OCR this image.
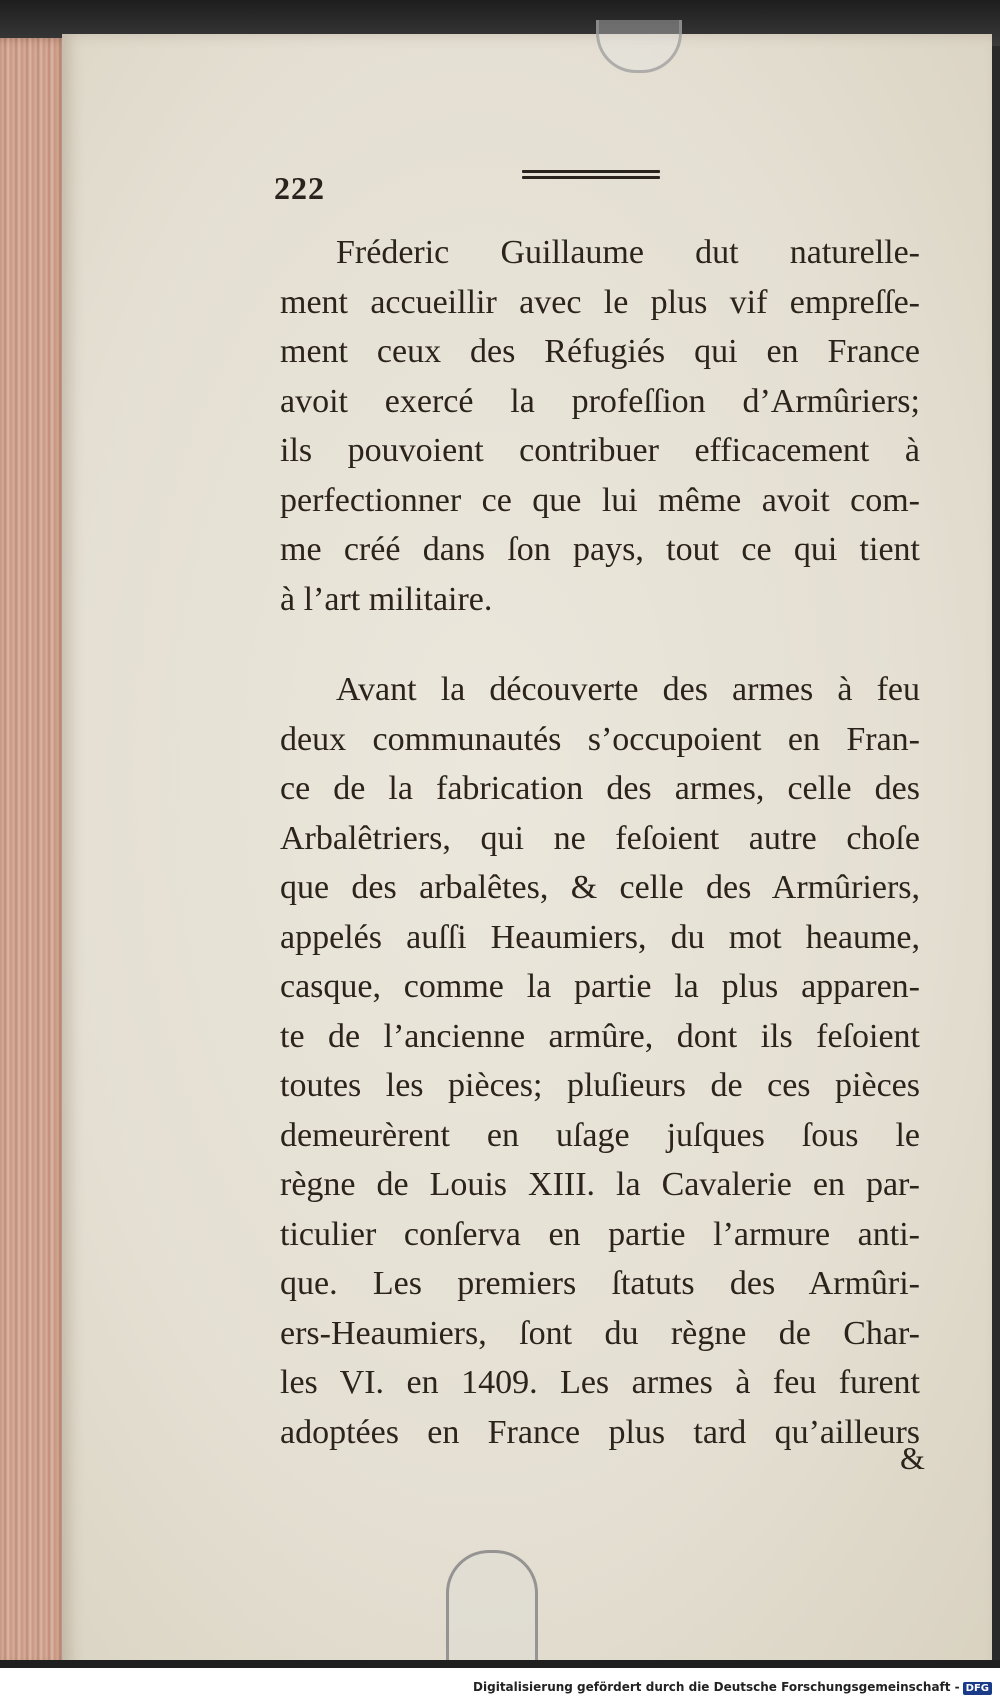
222
Fréderic Guillaume dut naturelle-
ment accueillir avec le plus vif empreſſe-
ment ceux des Réfugiés qui en France
avoit exercé la profeſſion d’Armûriers;
ils pouvoient contribuer efficacement à
perfectionner ce que lui même avoit com-
me créé dans ſon pays, tout ce qui tient
à l’art militaire.
Avant la découverte des armes à feu
deux communautés s’occupoient en Fran-
ce de la fabrication des armes, celle des
Arbalêtriers, qui ne feſoient autre choſe
que des arbalêtes, & celle des Armûriers,
appelés auſſi Heaumiers, du mot heaume,
casque, comme la partie la plus apparen-
te de l’ancienne armûre, dont ils feſoient
toutes les pièces; pluſieurs de ces pièces
demeurèrent en uſage juſques ſous le
règne de Louis XIII. la Cavalerie en par-
ticulier conſerva en partie l’armure anti-
que. Les premiers ſtatuts des Armûri-
ers-Heaumiers, ſont du règne de Char-
les VI. en 1409. Les armes à feu furent
adoptées en France plus tard qu’ailleurs
&
Digitalisierung gefördert durch die Deutsche Forschungsgemeinschaft - DFG
